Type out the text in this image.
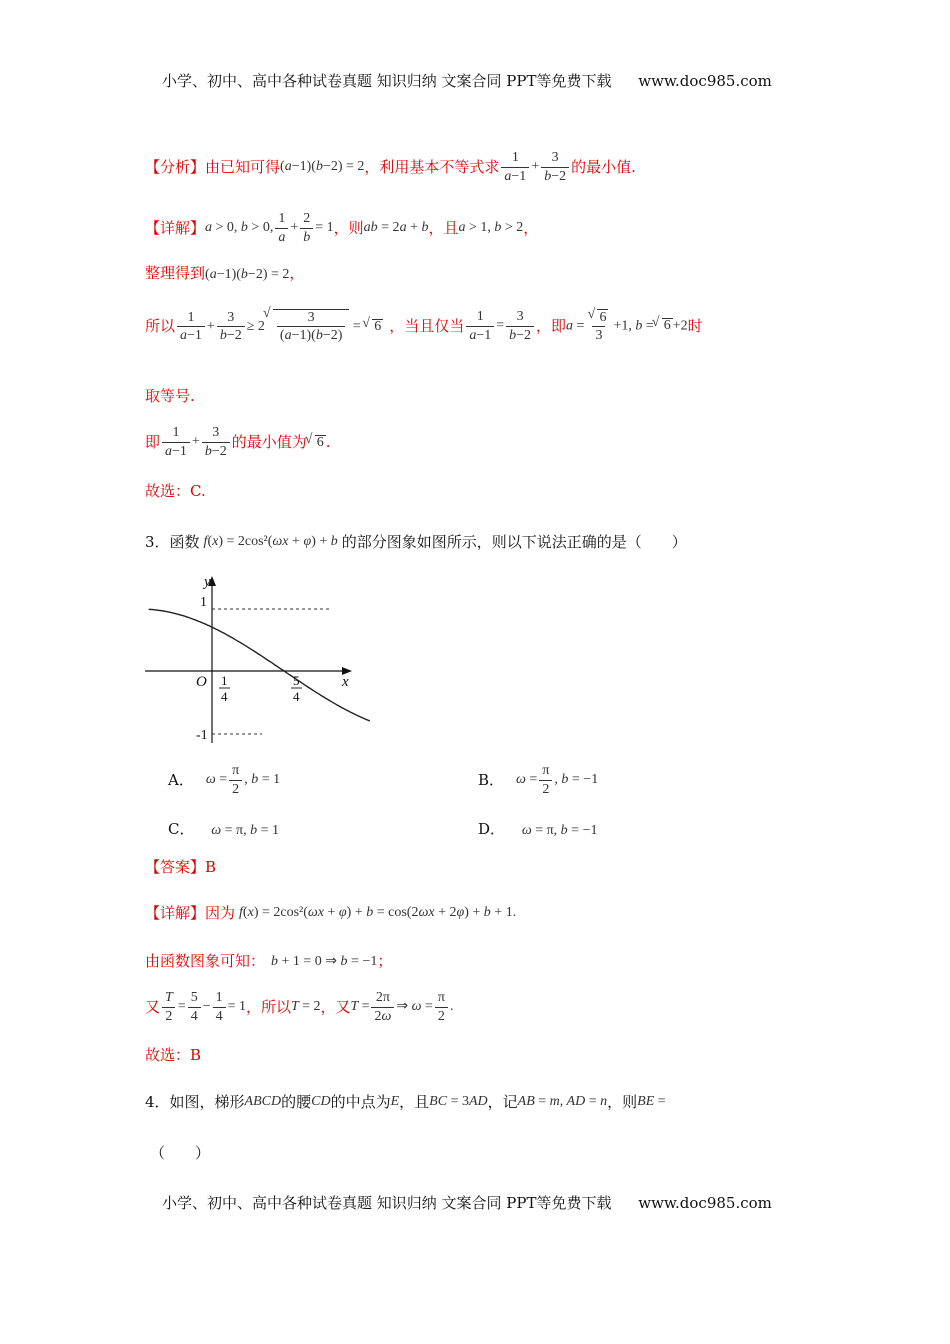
小学、初中、高中各种试卷真题 知识归纳 文案合同 PPT等免费下载 www.doc985.com
【分析】 由已知可得 (a−1)(b−2) = 2 ，利用基本不等式求 $\frac{1}{a-1} + \frac{3}{b-2}$ 的最小值.
【详解】 a > 0, b > 0, $\frac{1}{a} + \frac{2}{b} = 1$ ，则 ab = 2a + b ，且 a > 1, b > 2 ，
整理得到(a−1)(b−2) = 2，
所以 $\frac{1}{a-1} + \frac{3}{b-2} \ge 2$ √ $\frac{3}{(a-1)(b-2)}$ = √ 6 ，当且仅当 $\frac{1}{a-1} = \frac{3}{b-2}$ ，即 a = √ $\frac{6}{3} +1$, b = √ 6 +2 时
取等号.
即 $\frac{1}{a-1} + \frac{3}{b-2}$ 的最小值为 √ 6 .
故选：C.
3．函数 f(x) = 2cos²(ωx + φ) + b 的部分图象如图所示，则以下说法正确的是（　　）
y
x
O
1
-1
1
4
5
4
A． $\omega = \frac{\pi}{2}$ , b = 1	B． $\omega = \frac{\pi}{2}$ , b = −1
C． ω = π, b = 1	D． ω = π, b = −1
【答案】B
【详解】 因为 f(x) = 2cos²(ωx + φ) + b = cos(2ωx + 2φ) + b + 1.
由函数图象可知： b + 1 = 0 ⇒ b = −1 ；
又 $\frac{T}{2} = \frac{5}{4} - \frac{1}{4} = 1$ ，所以 T = 2 ，又 $T = \frac{2\pi}{2\omega}$ ⇒ $\omega = \frac{\pi}{2}$ .
故选：B
4．如图，梯形 ABCD 的腰 CD 的中点为 E ，且 BC = 3AD ，记 AB = m, AD = n ，则 BE =
（　　）
小学、初中、高中各种试卷真题 知识归纳 文案合同 PPT等免费下载 www.doc985.com
